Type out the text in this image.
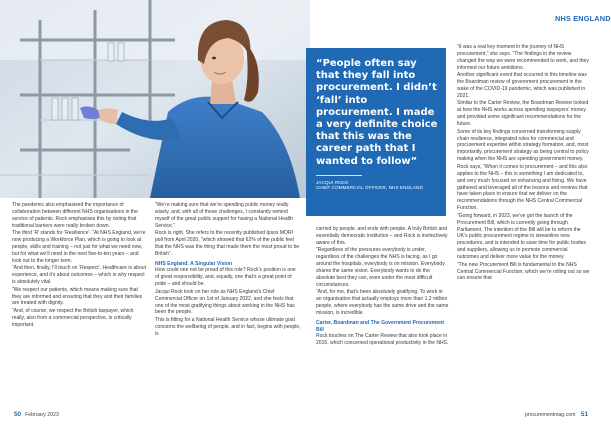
NHS ENGLAND
“People often say that they fall into procurement. I didn’t ‘fall’ into procurement. I made a very definite choice that this was the career path that I wanted to follow”
JACQUI ROCK
CHIEF COMMERCIAL OFFICER, NHS ENGLAND

The pandemic also emphasised the importance of collaboration between different NHS organisations in the service of patients. Rock emphasises this by noting that traditional barriers were really broken down.

The third ‘R’ stands for ‘Resilience’. “At NHS England, we’re now producing a Workforce Plan, which is going to look at people, skills and training – not just for what we need now, but for what we’ll need in the next five-to-ten years – and look out to the longer term.

“And then, finally, I’ll touch on ‘Respect’. Healthcare is about experience, and it’s about outcomes – which is why respect is absolutely vital.

“We respect our patients, which means making sure that they are informed and ensuring that they and their families are treated with dignity.

“And, of course, we respect the British taxpayer, which really, also from a commercial perspective, is critically important.

“We’re making sure that we’re spending public money really wisely, and, with all of these challenges, I constantly remind myself of the great public support for having a National Health Service.”

Rock is right. She refers to the recently published Ipsos MORI poll from April 2020, “which showed that 62% of the public feel that the NHS was the thing that made them the most proud to be British”.

NHS England: A Singular Vision

How could one not be proud of this role? Rock’s position is one of great responsibility, and, equally, one that’s a great point of pride – and should be.

Jacqui Rock took on her role as NHS England’s Chief Commercial Officer on 1st of January 2022, and she feels that one of the most gratifying things about working in the NHS has been the people.

This is fitting for a National Health Service whose ultimate goal concerns the wellbeing of people, and in fact, begins with people, is

carried by people, and ends with people. A truly British and essentially democratic institution – and Rock is instinctively aware of this.

“Regardless of the pressures everybody is under, regardless of the challenges the NHS is facing, as I go around the hospitals, everybody is on mission. Everybody shares the same vision. Everybody wants to do the absolute best they can, even under the most difficult circumstances.

“And, for me, that’s been absolutely gratifying. To work in an organisation that actually employs more than 1.2 million people, where everybody has the same drive and the same mission, is incredible.

Carter, Boardman and The Government Procurement Bill

Rock touches on The Carter Review that also took place in 2015, which concerned operational productivity in the NHS.

“It was a real key moment in the journey of NHS procurement,” she says. “The findings in the review changed the way we were recommended to work, and they informed our future ambitions.

Another significant event that occurred in this timeline was the Boardman review of government procurement in the wake of the COVID-19 pandemic, which was published in 2021.

Similar to the Carter Review, the Boardman Review looked at how the NHS works across spending taxpayers’ money and provided some significant recommendations for the future.

Some of its key findings concerned transforming supply chain resilience, integrated roles for commercial and procurement expertise within strategy formation, and, most importantly, procurement strategy as being central to policy making when the NHS are spending government money.

Rock says, “When it comes to procurement – and this also applies to the NHS – this is something I am dedicated to, and very much focused on enhancing and fixing. We have gathered and leveraged all of the lessons and reviews that have taken place to ensure that we deliver on the recommendations through the NHS Central Commercial Function.

“Going forward, in 2023, we’ve got the launch of the Procurement Bill, which is currently going through Parliament. The intention of the Bill will be to reform the UK’s public procurement regime to streamline new procedures, and is intended to save time for public bodies and suppliers, allowing us to promote commercial outcomes and deliver more value for the money.

“The new Procurement Bill is fundamental to the NHS Central Commercial Function, which we’re rolling out so we can ensure that

50 February 2023	procurementmag.com 51
